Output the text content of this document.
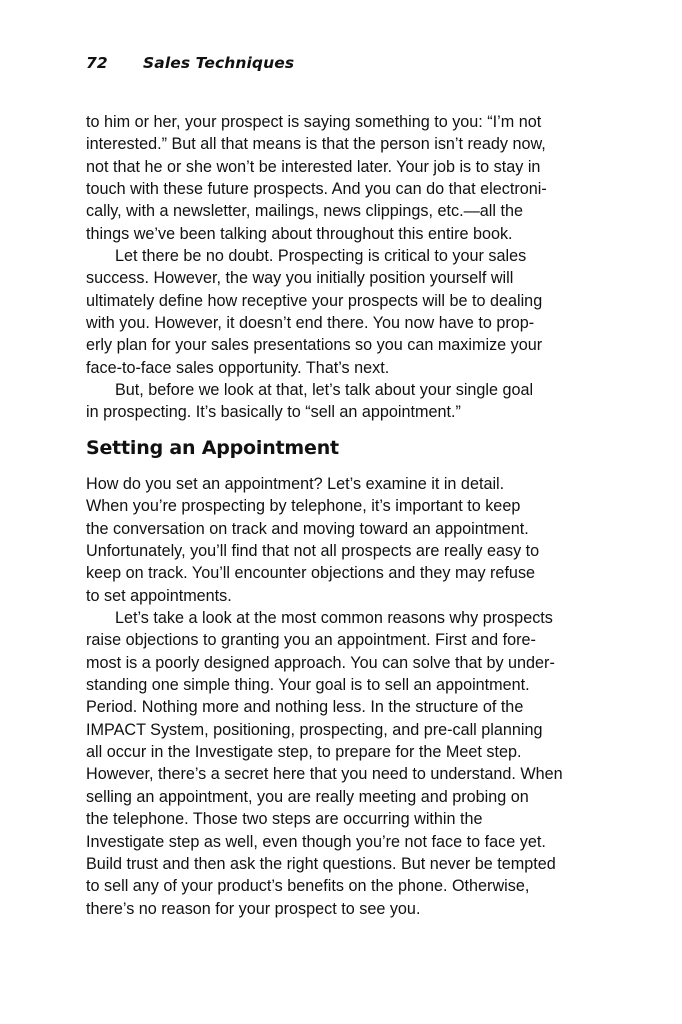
72 Sales Techniques
to him or her, your prospect is saying something to you: “I’m not
interested.” But all that means is that the person isn’t ready now,
not that he or she won’t be interested later. Your job is to stay in
touch with these future prospects. And you can do that electroni-
cally, with a newsletter, mailings, news clippings, etc.—all the
things we’ve been talking about throughout this entire book.
Let there be no doubt. Prospecting is critical to your sales
success. However, the way you initially position yourself will
ultimately define how receptive your prospects will be to dealing
with you. However, it doesn’t end there. You now have to prop-
erly plan for your sales presentations so you can maximize your
face-to-face sales opportunity. That’s next.
But, before we look at that, let’s talk about your single goal
in prospecting. It’s basically to “sell an appointment.”
Setting an Appointment
How do you set an appointment? Let’s examine it in detail.
When you’re prospecting by telephone, it’s important to keep
the conversation on track and moving toward an appointment.
Unfortunately, you’ll find that not all prospects are really easy to
keep on track. You’ll encounter objections and they may refuse
to set appointments.
Let’s take a look at the most common reasons why prospects
raise objections to granting you an appointment. First and fore-
most is a poorly designed approach. You can solve that by under-
standing one simple thing. Your goal is to sell an appointment.
Period. Nothing more and nothing less. In the structure of the
IMPACT System, positioning, prospecting, and pre-call planning
all occur in the Investigate step, to prepare for the Meet step.
However, there’s a secret here that you need to understand. When
selling an appointment, you are really meeting and probing on
the telephone. Those two steps are occurring within the
Investigate step as well, even though you’re not face to face yet.
Build trust and then ask the right questions. But never be tempted
to sell any of your product’s benefits on the phone. Otherwise,
there’s no reason for your prospect to see you.
